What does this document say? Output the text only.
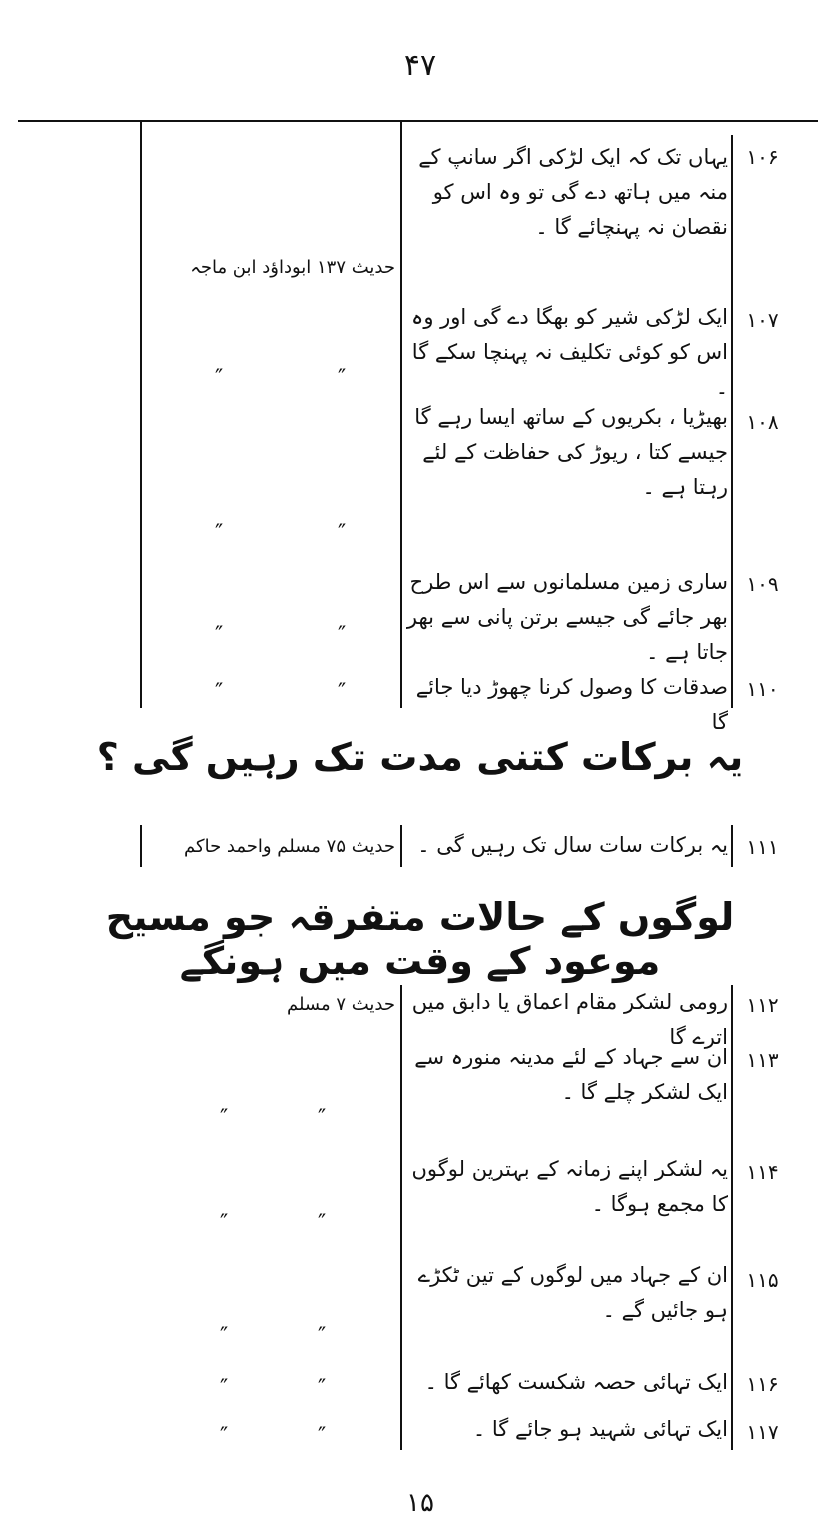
۴۷
۱۰۶
یہاں تک کہ ایک لڑکی اگر سانپ کے منہ میں ہاتھ دے گی تو وہ اس کو نقصان نہ پہنچائے گا ۔
حدیث ۱۳۷ ابوداؤد ابن ماجہ
۱۰۷
ایک لڑکی شیر کو بھگا دے گی اور وہ اس کو کوئی تکلیف نہ پہنچا سکے گا ۔
″	″
۱۰۸
بھیڑیا ، بکریوں کے ساتھ ایسا رہے گا جیسے کتا ، ریوڑ کی حفاظت کے لئے رہتا ہے ۔
″	″
۱۰۹
ساری زمین مسلمانوں سے اس طرح بھر جائے گی جیسے برتن پانی سے بھر جاتا ہے ۔
″	″
۱۱۰
صدقات کا وصول کرنا چھوڑ دیا جائے گا
″	″
یہ برکات کتنی مدت تک رہیں گی ؟
۱۱۱
یہ برکات سات سال تک رہیں گی ۔
حدیث ۷۵ مسلم واحمد حاکم
لوگوں کے حالات متفرقہ جو مسیح موعود کے وقت میں ہونگے
۱۱۲
رومی لشکر مقام اعماق یا دابق میں اترے گا
حدیث ۷ مسلم
۱۱۳
ان سے جہاد کے لئے مدینہ منورہ سے ایک لشکر چلے گا ۔
″	″
۱۱۴
یہ لشکر اپنے زمانہ کے بہترین لوگوں کا مجمع ہوگا ۔
″	″
۱۱۵
ان کے جہاد میں لوگوں کے تین ٹکڑے ہو جائیں گے ۔
″	″
۱۱۶
ایک تہائی حصہ شکست کھائے گا ۔
″	″
۱۱۷
ایک تہائی شہید ہو جائے گا ۔
″	″
۱۵
